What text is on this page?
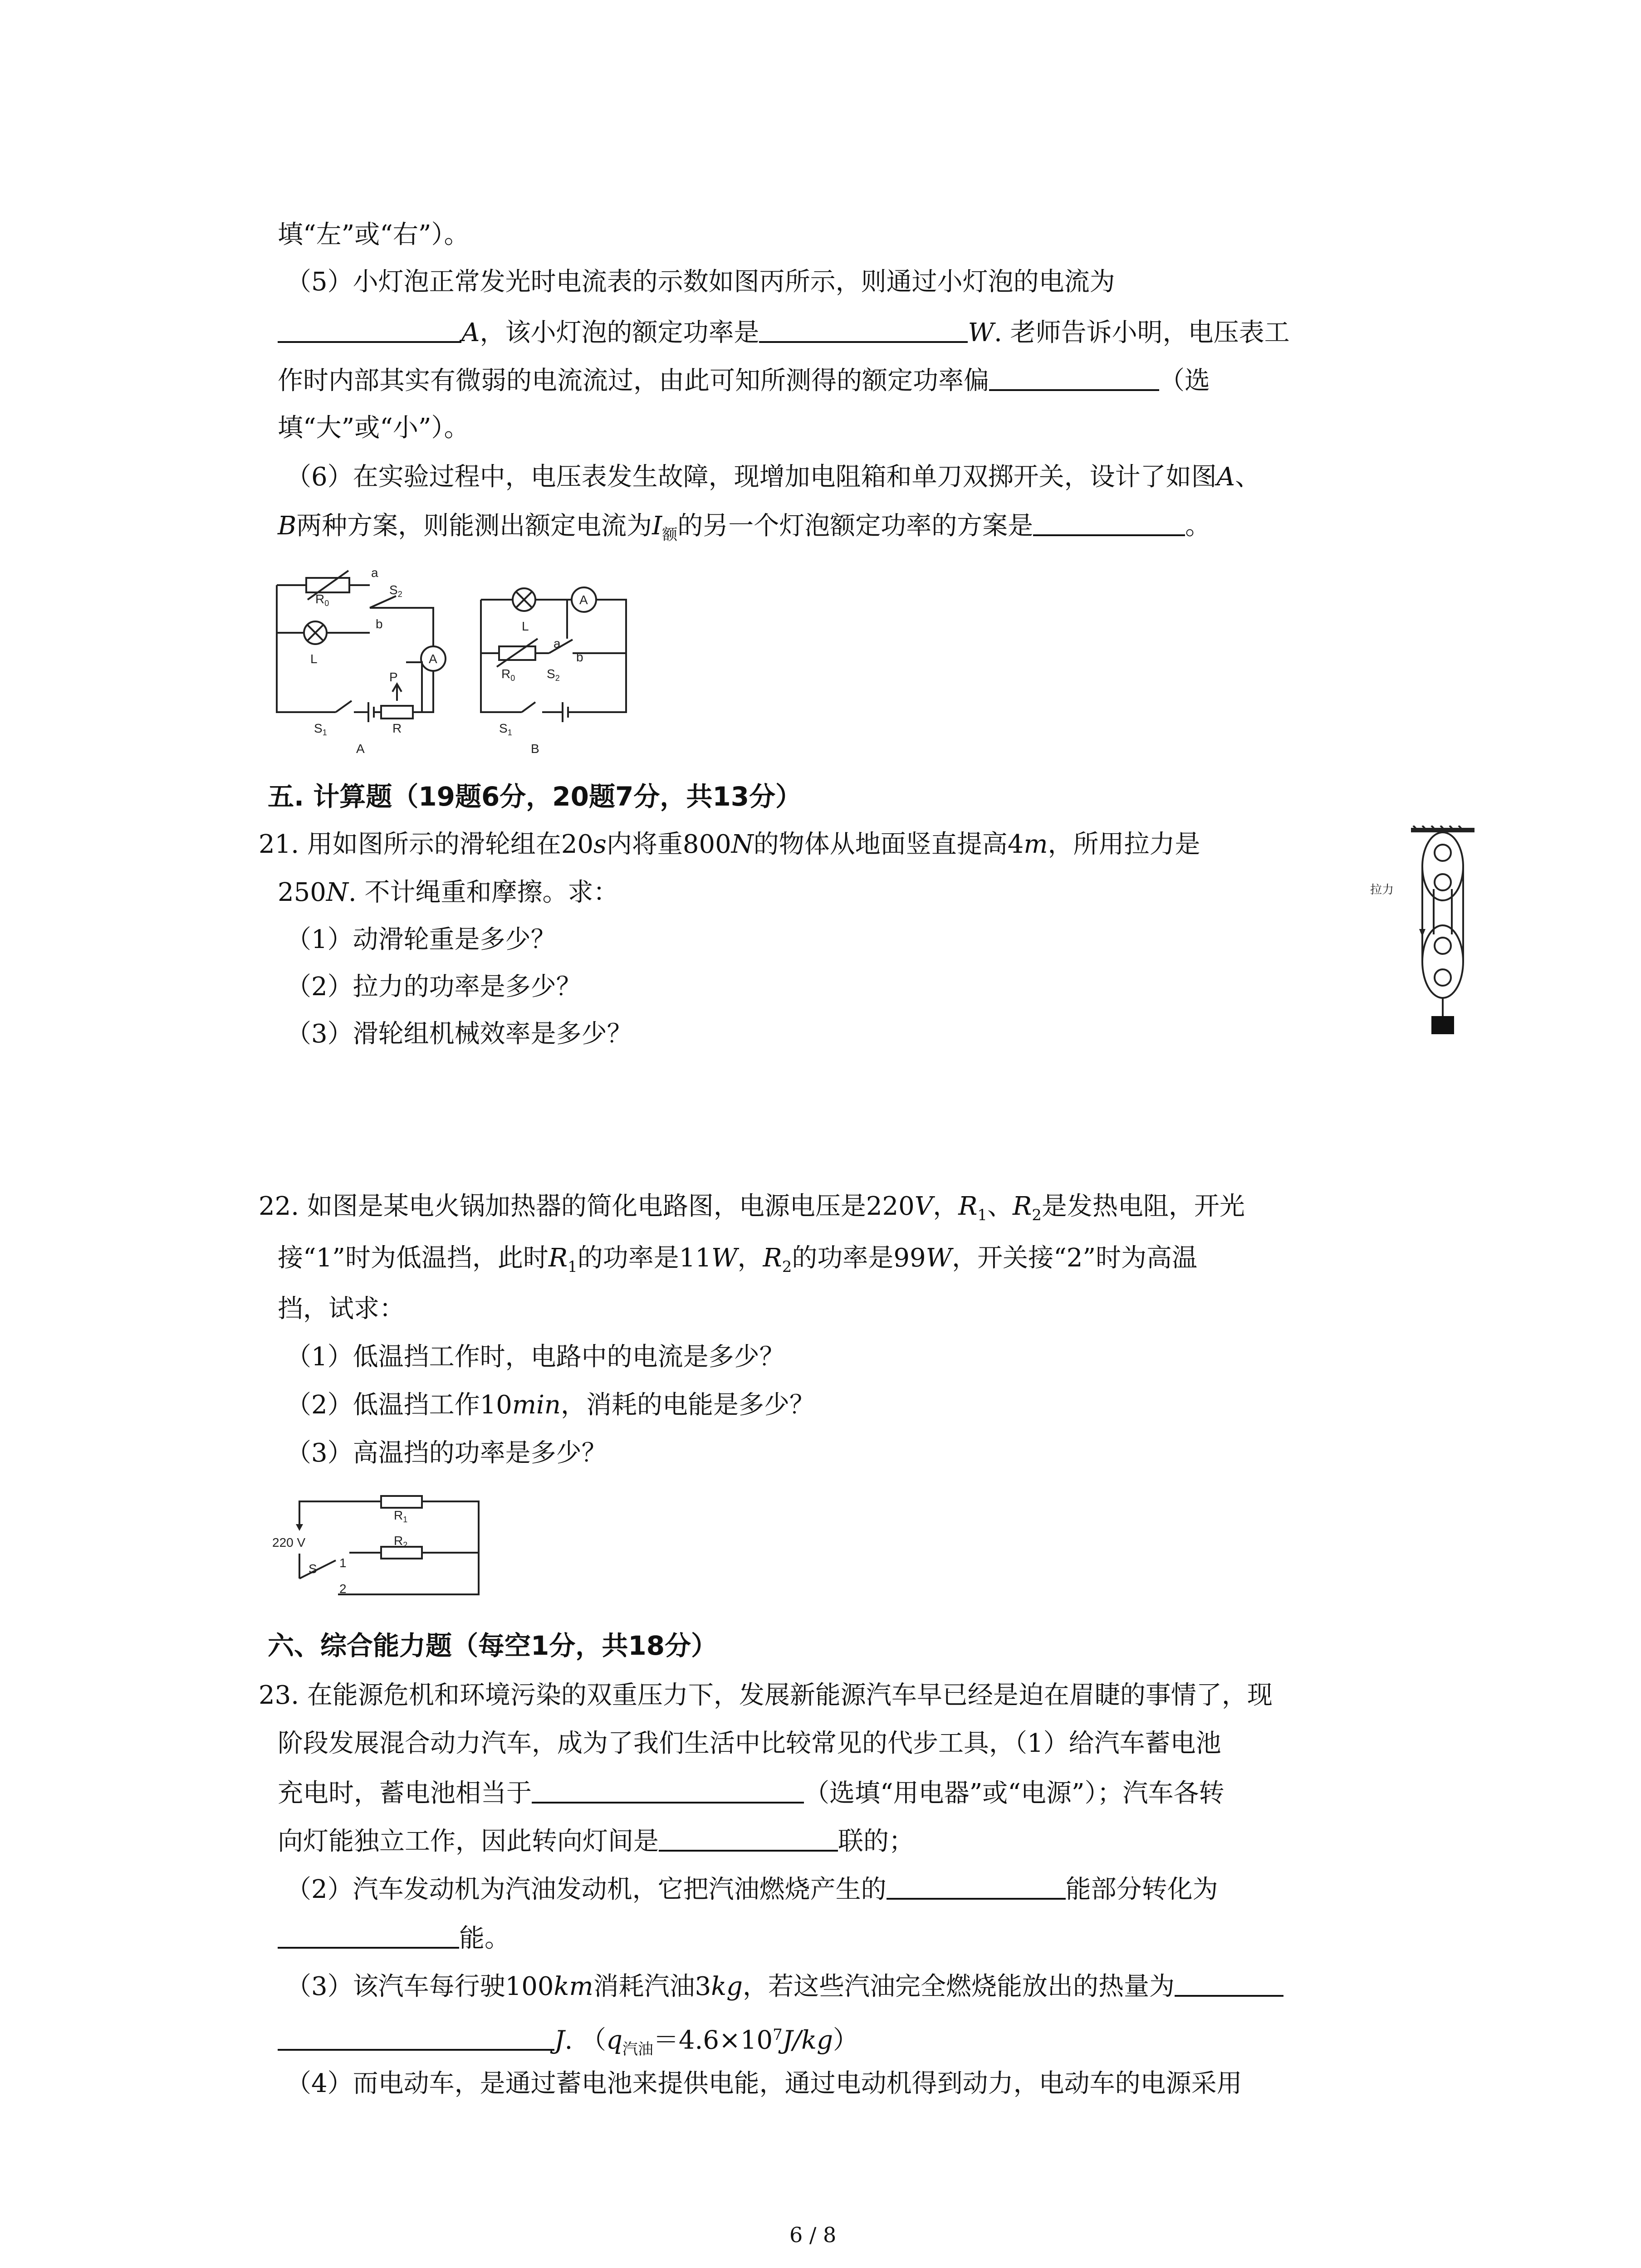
填“左”或“右”）。
（5）小灯泡正常发光时电流表的示数如图丙所示，则通过小灯泡的电流为
A，该小灯泡的额定功率是	W. 老师告诉小明，电压表工
作时内部其实有微弱的电流流过，由此可知所测得的额定功率偏	（选
填“大”或“小”）。
（6）在实验过程中，电压表发生故障，现增加电阻箱和单刀双掷开关，设计了如图A、
B两种方案，则能测出额定电流为$I_额$的另一个灯泡额定功率的方案是	。
$R_0$
a
$S_2$
A
L
b
P
$S_1$	R
A
L
A
a
b
$R_0$ $S_2$
$S_1$
B
五. 计算题（19题6分，20题7分，共13分）
21. 用如图所示的滑轮组在20s内将重800N的物体从地面竖直提高4m，所用拉力是
250N. 不计绳重和摩擦。求：
（1）动滑轮重是多少？
（2）拉力的功率是多少？
（3）滑轮组机械效率是多少？
拉力
22. 如图是某电火锅加热器的简化电路图，电源电压是220V，$R_1$、$R_2$是发热电阻，开光
接“1”时为低温挡，此时$R_1$的功率是11W，$R_2$的功率是99W，开关接“2”时为高温
挡，试求：
（1）低温挡工作时，电路中的电流是多少？
（2）低温挡工作10min，消耗的电能是多少？
（3）高温挡的功率是多少？
220 V
$R_1$
$R_2$
S 1
2
六、综合能力题（每空1分，共18分）
23. 在能源危机和环境污染的双重压力下，发展新能源汽车早已经是迫在眉睫的事情了，现
阶段发展混合动力汽车，成为了我们生活中比较常见的代步工具，（1）给汽车蓄电池
充电时，蓄电池相当于	（选填“用电器”或“电源”）；汽车各转
向灯能独立工作，因此转向灯间是	联的；
（2）汽车发动机为汽油发动机，它把汽油燃烧产生的	能部分转化为
能。
（3）该汽车每行驶100km消耗汽油3kg，若这些汽油完全燃烧能放出的热量为
J. $(q_{汽油}=4.6\times 10^7J/kg)$
（4）而电动车，是通过蓄电池来提供电能，通过电动机得到动力，电动车的电源采用
6 / 8
